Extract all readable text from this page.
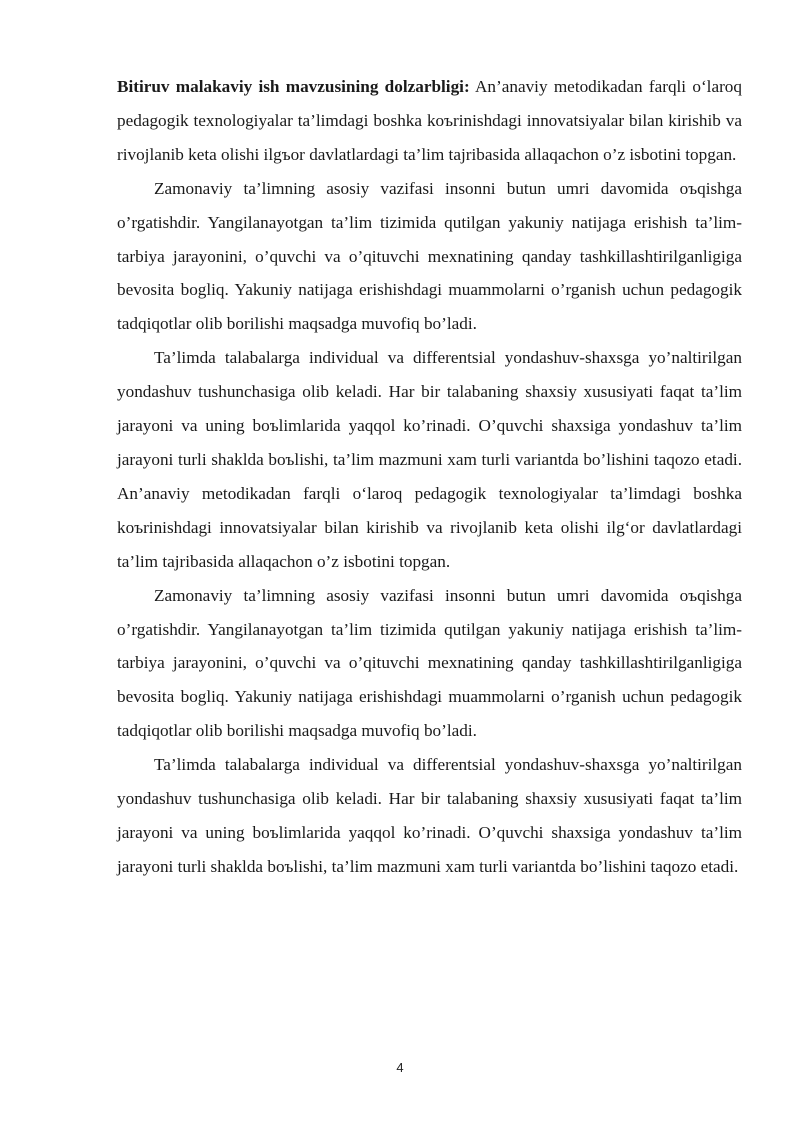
Bitiruv malakaviy ish mavzusining dolzarbligi: An’anaviy metodikadan farqli o‘laroq pedagogik texnologiyalar ta’limdagi boshka koъrinishdagi innovatsiyalar bilan kirishib va rivojlanib keta olishi ilgъor davlatlardagi ta’lim tajribasida allaqachon o’z isbotini topgan.

Zamonaviy ta’limning asosiy vazifasi insonni butun umri davomida оъqishga o’rgatishdir. Yangilanayotgan ta’lim tizimida qutilgan yakuniy natijaga erishish ta’lim- tarbiya jarayonini, o’quvchi va o’qituvchi mexnatining qanday tashkillashtirilganligiga bevosita bogliq. Yakuniy natijaga erishishdagi muammolarni o’rganish uchun pedagogik tadqiqotlar olib borilishi maqsadga muvofiq bo’ladi.

Ta’limda talabalarga individual va differentsial yondashuv-shaxsga yo’naltirilgan yondashuv tushunchasiga olib keladi. Har bir talabaning shaxsiy xususiyati faqat ta’lim jarayoni va uning boъlimlarida yaqqol ko’rinadi. O’quvchi shaxsiga yondashuv ta’lim jarayoni turli shaklda boъlishi, ta’lim mazmuni xam turli variantda bo’lishini taqozo etadi. An’anaviy metodikadan farqli o‘laroq pedagogik texnologiyalar ta’limdagi boshka koъrinishdagi innovatsiyalar bilan kirishib va rivojlanib keta olishi ilg‘or davlatlardagi ta’lim tajribasida allaqachon o’z isbotini topgan.

Zamonaviy ta’limning asosiy vazifasi insonni butun umri davomida оъqishga o’rgatishdir. Yangilanayotgan ta’lim tizimida qutilgan yakuniy natijaga erishish ta’lim- tarbiya jarayonini, o’quvchi va o’qituvchi mexnatining qanday tashkillashtirilganligiga bevosita bogliq. Yakuniy natijaga erishishdagi muammolarni o’rganish uchun pedagogik tadqiqotlar olib borilishi maqsadga muvofiq bo’ladi.

Ta’limda talabalarga individual va differentsial yondashuv-shaxsga yo’naltirilgan yondashuv tushunchasiga olib keladi. Har bir talabaning shaxsiy xususiyati faqat ta’lim jarayoni va uning boъlimlarida yaqqol ko’rinadi. O’quvchi shaxsiga yondashuv ta’lim jarayoni turli shaklda boъlishi, ta’lim mazmuni xam turli variantda bo’lishini taqozo etadi.

4
